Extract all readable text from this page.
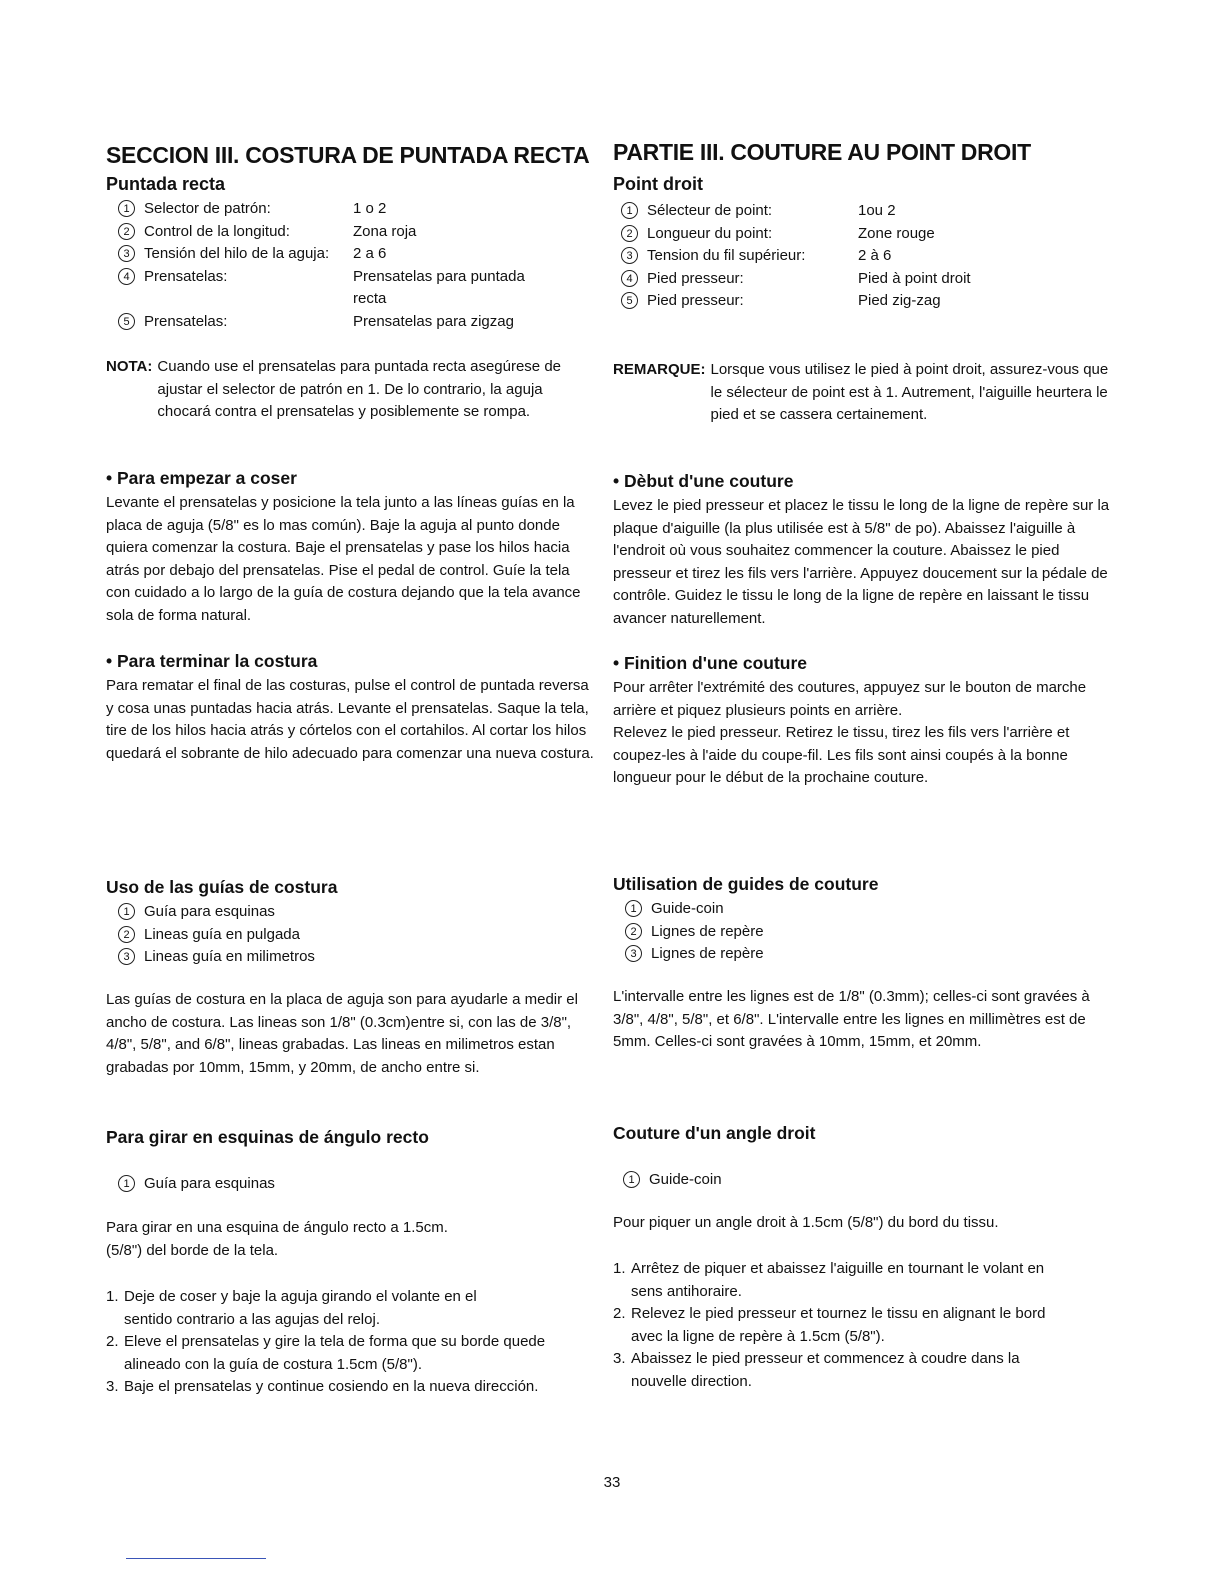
SECCION III. COSTURA DE PUNTADA RECTA
Puntada recta
1 Selector de patrón:	1 o 2
2 Control de la longitud:	Zona roja
3 Tensión del hilo de la aguja:	2 a 6
4 Prensatelas:	Prensatelas para puntada recta
5 Prensatelas:	Prensatelas para zigzag
NOTA: Cuando use el prensatelas para puntada recta asegúrese de ajustar el selector de patrón en 1. De lo contrario, la aguja chocará contra el prensatelas y posiblemente se rompa.
• Para empezar a coser
Levante el prensatelas y posicione la tela junto a las líneas guías en la placa de aguja (5/8" es lo mas común). Baje la aguja al punto donde quiera comenzar la costura. Baje el prensatelas y pase los hilos hacia atrás por debajo del prensatelas. Pise el pedal de control. Guíe la tela con cuidado a lo largo de la guía de costura dejando que la tela avance sola de forma natural.
• Para terminar la costura
Para rematar el final de las costuras, pulse el control de puntada reversa y cosa unas puntadas hacia atrás. Levante el prensatelas. Saque la tela, tire de los hilos hacia atrás y córtelos con el cortahilos. Al cortar los hilos quedará el sobrante de hilo adecuado para comenzar una nueva costura.
Uso de las guías de costura
1 Guía para esquinas
2 Lineas guía en pulgada
3 Lineas guía en milimetros
Las guías de costura en la placa de aguja son para ayudarle a medir el ancho de costura. Las lineas son 1/8" (0.3cm)entre si, con las de 3/8", 4/8", 5/8", and 6/8", lineas grabadas. Las lineas en milimetros estan grabadas por 10mm, 15mm, y 20mm, de ancho entre si.
Para girar en esquinas de ángulo recto
1 Guía para esquinas
Para girar en una esquina de ángulo recto a 1.5cm. (5/8") del borde de la tela.
1. Deje de coser y baje la aguja girando el volante en el sentido contrario a las agujas del reloj.
2. Eleve el prensatelas y gire la tela de forma que su borde quede alineado con la guía de costura 1.5cm (5/8").
3. Baje el prensatelas y continue cosiendo en la nueva dirección.
PARTIE III. COUTURE AU POINT DROIT
Point droit
1 Sélecteur de point:	1ou 2
2 Longueur du point:	Zone rouge
3 Tension du fil supérieur:	2 à 6
4 Pied presseur:	Pied à point droit
5 Pied presseur:	Pied zig-zag
REMARQUE: Lorsque vous utilisez le pied à point droit, assurez-vous que le sélecteur de point est à 1. Autrement, l'aiguille heurtera le pied et se cassera certainement.
• Dèbut d'une couture
Levez le pied presseur et placez le tissu le long de la ligne de repère sur la plaque d'aiguille (la plus utilisée est à 5/8" de po). Abaissez l'aiguille à l'endroit où vous souhaitez commencer la couture. Abaissez le pied presseur et tirez les fils vers l'arrière. Appuyez doucement sur la pédale de contrôle. Guidez le tissu le long de la ligne de repère en laissant le tissu avancer naturellement.
• Finition d'une couture
Pour arrêter l'extrémité des coutures, appuyez sur le bouton de marche arrière et piquez plusieurs points en arrière.
Relevez le pied presseur. Retirez le tissu, tirez les fils vers l'arrière et coupez-les à l'aide du coupe-fil. Les fils sont ainsi coupés à la bonne longueur pour le début de la prochaine couture.
Utilisation de guides de couture
1 Guide-coin
2 Lignes de repère
3 Lignes de repère
L'intervalle entre les lignes est de 1/8" (0.3mm); celles-ci sont gravées à 3/8", 4/8", 5/8", et 6/8". L'intervalle entre les lignes en millimètres est de 5mm. Celles-ci sont gravées à 10mm, 15mm, et 20mm.
Couture d'un angle droit
1 Guide-coin
Pour piquer un angle droit à 1.5cm (5/8") du bord du tissu.
1. Arrêtez de piquer et abaissez l'aiguille en tournant le volant en sens antihoraire.
2. Relevez le pied presseur et tournez le tissu en alignant le bord avec la ligne de repère à 1.5cm (5/8").
3. Abaissez le pied presseur et commencez à coudre dans la nouvelle direction.
33
